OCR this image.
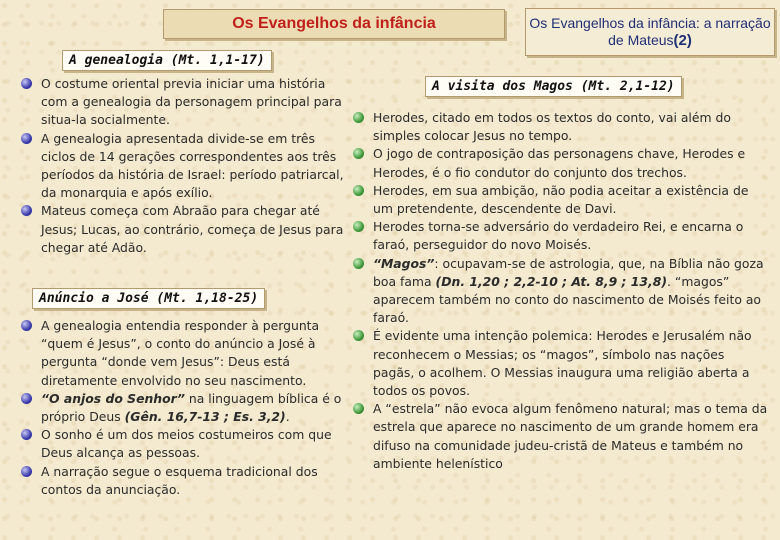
Os Evangelhos da infância	Os Evangelhos da infância: a narração de Mateus(2)
A genealogia (Mt. 1,1-17)
O costume oriental previa iniciar uma história com a genealogia da personagem principal para situa-la socialmente.
A genealogia apresentada divide-se em três ciclos de 14 gerações correspondentes aos três períodos da história de Israel: período patriarcal, da monarquia e após exílio.
Mateus começa com Abraão para chegar até Jesus; Lucas, ao contrário, começa de Jesus para chegar até Adão.
Anúncio a José (Mt. 1,18-25)
A genealogia entendia responder à pergunta “quem é Jesus”, o conto do anúncio a José à pergunta “donde vem Jesus”: Deus está diretamente envolvido no seu nascimento.
“O anjos do Senhor” na linguagem bíblica é o próprio Deus (Gên. 16,7-13 ; Es. 3,2).
O sonho é um dos meios costumeiros com que Deus alcança as pessoas.
A narração segue o esquema tradicional dos contos da anunciação.
A visita dos Magos (Mt. 2,1-12)
Herodes, citado em todos os textos do conto, vai além do simples colocar Jesus no tempo.
O jogo de contraposição das personagens chave, Herodes e Herodes, é o fio condutor do conjunto dos trechos.
Herodes, em sua ambição, não podia aceitar a existência de um pretendente, descendente de Davi.
Herodes torna-se adversário do verdadeiro Rei, e encarna o faraó, perseguidor do novo Moisés.
“Magos”: ocupavam-se de astrologia, que, na Bíblia não goza boa fama (Dn. 1,20 ; 2,2-10 ; At. 8,9 ; 13,8). “magos” aparecem também no conto do nascimento de Moisés feito ao faraó.
É evidente uma intenção polemica: Herodes e Jerusalém não reconhecem o Messias; os “magos”, símbolo nas nações pagãs, o acolhem. O Messias inaugura uma religião aberta a todos os povos.
A “estrela” não evoca algum fenômeno natural; mas o tema da estrela que aparece no nascimento de um grande homem era difuso na comunidade judeu-cristã de Mateus e também no ambiente helenístico
